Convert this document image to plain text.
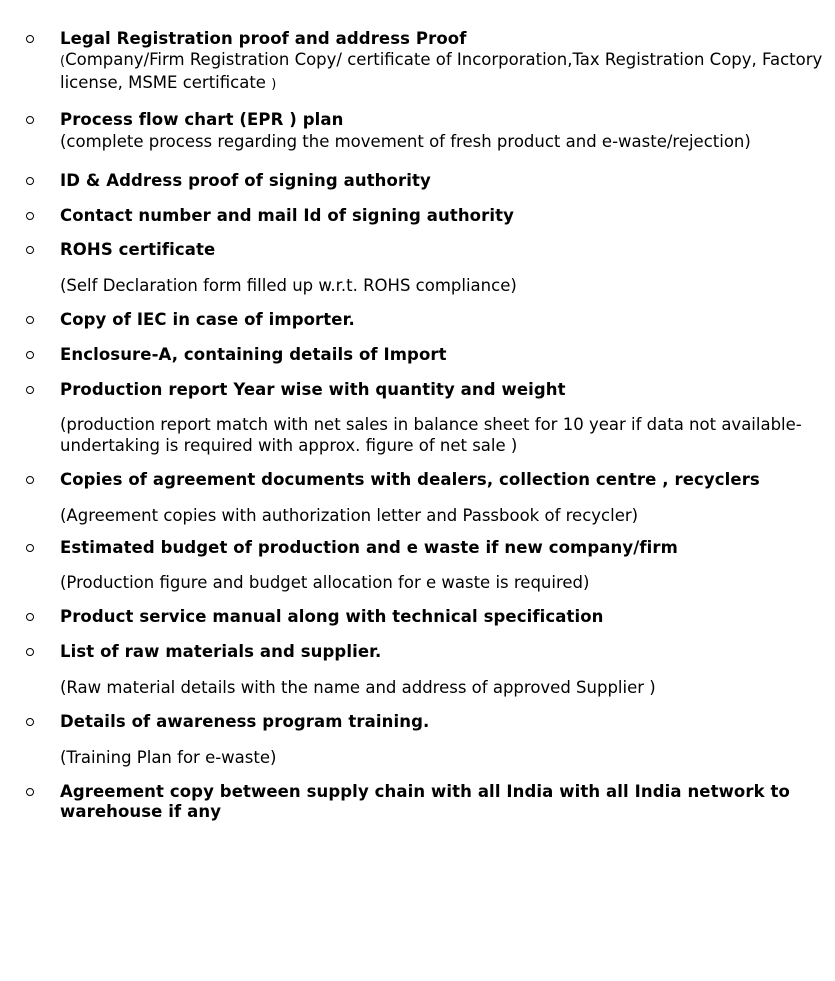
Legal Registration proof and address Proof
(Company/Firm Registration Copy/ certificate of Incorporation,Tax Registration Copy, Factory license, MSME certificate )
Process flow chart (EPR ) plan
(complete process regarding the movement of fresh product and e-waste/rejection)
ID & Address proof of signing authority
Contact number and mail Id of signing authority
ROHS certificate
(Self Declaration form filled up w.r.t. ROHS compliance)
Copy of IEC in case of importer.
Enclosure-A, containing details of Import
Production report Year wise with quantity and weight
(production report match with net sales in balance sheet for 10 year if data not available- undertaking is required with approx. figure of net sale )
Copies of agreement documents with dealers, collection centre , recyclers
(Agreement copies with authorization letter and Passbook of recycler)
Estimated budget of production and e waste if new company/firm
(Production figure and budget allocation for e waste is required)
Product service manual along with technical specification
List of raw materials and supplier.
(Raw material details with the name and address of approved Supplier )
Details of awareness program training.
(Training Plan for e-waste)
Agreement copy between supply chain with all India with all India network to warehouse if any
